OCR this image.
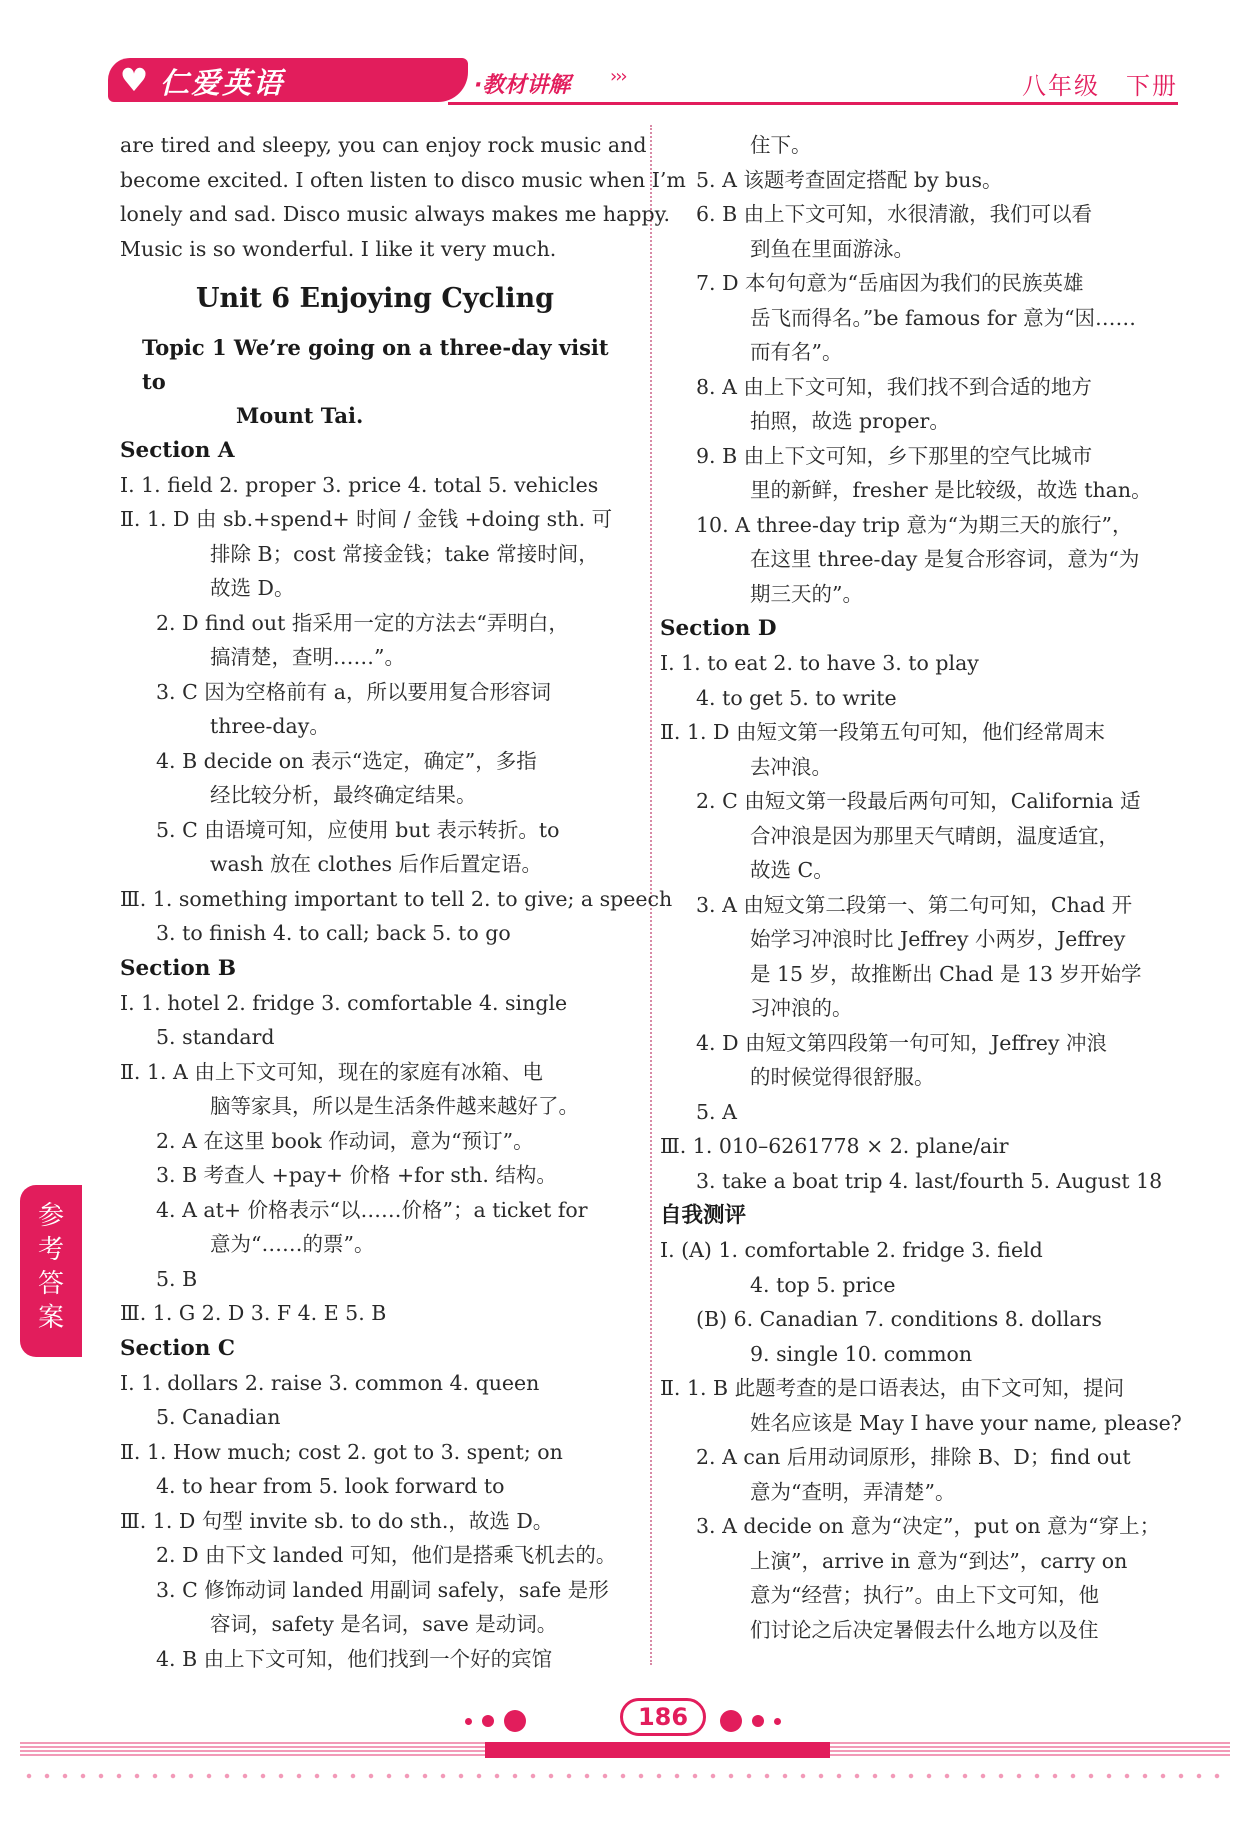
♥ 仁爱英语	·教材讲解 ›››	八年级　下册
are tired and sleepy, you can enjoy rock music and
become excited. I often listen to disco music when I’m
lonely and sad. Disco music always makes me happy.
Music is so wonderful. I like it very much.
Unit 6 Enjoying Cycling
Topic 1 We’re going on a three-day visit to
Mount Tai.
Section A
Ⅰ. 1. field 2. proper 3. price 4. total 5. vehicles
Ⅱ. 1. D 由 sb.+spend+ 时间 / 金钱 +doing sth. 可
排除 B；cost 常接金钱；take 常接时间，
故选 D。
2. D find out 指采用一定的方法去“弄明白，
搞清楚，查明……”。
3. C 因为空格前有 a，所以要用复合形容词
three-day。
4. B decide on 表示“选定，确定”，多指
经比较分析，最终确定结果。
5. C 由语境可知，应使用 but 表示转折。to
wash 放在 clothes 后作后置定语。
Ⅲ. 1. something important to tell 2. to give; a speech
3. to finish 4. to call; back 5. to go
Section B
Ⅰ. 1. hotel 2. fridge 3. comfortable 4. single
5. standard
Ⅱ. 1. A 由上下文可知，现在的家庭有冰箱、电
脑等家具，所以是生活条件越来越好了。
2. A 在这里 book 作动词，意为“预订”。
3. B 考查人 +pay+ 价格 +for sth. 结构。
4. A at+ 价格表示“以……价格”；a ticket for
意为“……的票”。
5. B
Ⅲ. 1. G 2. D 3. F 4. E 5. B
Section C
Ⅰ. 1. dollars 2. raise 3. common 4. queen
5. Canadian
Ⅱ. 1. How much; cost 2. got to 3. spent; on
4. to hear from 5. look forward to
Ⅲ. 1. D 句型 invite sb. to do sth.，故选 D。
2. D 由下文 landed 可知，他们是搭乘飞机去的。
3. C 修饰动词 landed 用副词 safely，safe 是形
容词，safety 是名词，save 是动词。
4. B 由上下文可知，他们找到一个好的宾馆
住下。
5. A 该题考查固定搭配 by bus。
6. B 由上下文可知，水很清澈，我们可以看
到鱼在里面游泳。
7. D 本句句意为“岳庙因为我们的民族英雄
岳飞而得名。”be famous for 意为“因……
而有名”。
8. A 由上下文可知，我们找不到合适的地方
拍照，故选 proper。
9. B 由上下文可知，乡下那里的空气比城市
里的新鲜，fresher 是比较级，故选 than。
10. A three-day trip 意为“为期三天的旅行”，
在这里 three-day 是复合形容词，意为“为
期三天的”。
Section D
Ⅰ. 1. to eat 2. to have 3. to play
4. to get 5. to write
Ⅱ. 1. D 由短文第一段第五句可知，他们经常周末
去冲浪。
2. C 由短文第一段最后两句可知，California 适
合冲浪是因为那里天气晴朗，温度适宜，
故选 C。
3. A 由短文第二段第一、第二句可知，Chad 开
始学习冲浪时比 Jeffrey 小两岁，Jeffrey
是 15 岁，故推断出 Chad 是 13 岁开始学
习冲浪的。
4. D 由短文第四段第一句可知，Jeffrey 冲浪
的时候觉得很舒服。
5. A
Ⅲ. 1. 010–6261778 × 2. plane/air
3. take a boat trip 4. last/fourth 5. August 18
自我测评
Ⅰ. (A) 1. comfortable 2. fridge 3. field
4. top 5. price
(B) 6. Canadian 7. conditions 8. dollars
9. single 10. common
Ⅱ. 1. B 此题考查的是口语表达，由下文可知，提问
姓名应该是 May I have your name, please?
2. A can 后用动词原形，排除 B、D；find out
意为“查明，弄清楚”。
3. A decide on 意为“决定”，put on 意为“穿上；
上演”，arrive in 意为“到达”，carry on
意为“经营；执行”。由上下文可知，他
们讨论之后决定暑假去什么地方以及住
参
考
答
案
186
